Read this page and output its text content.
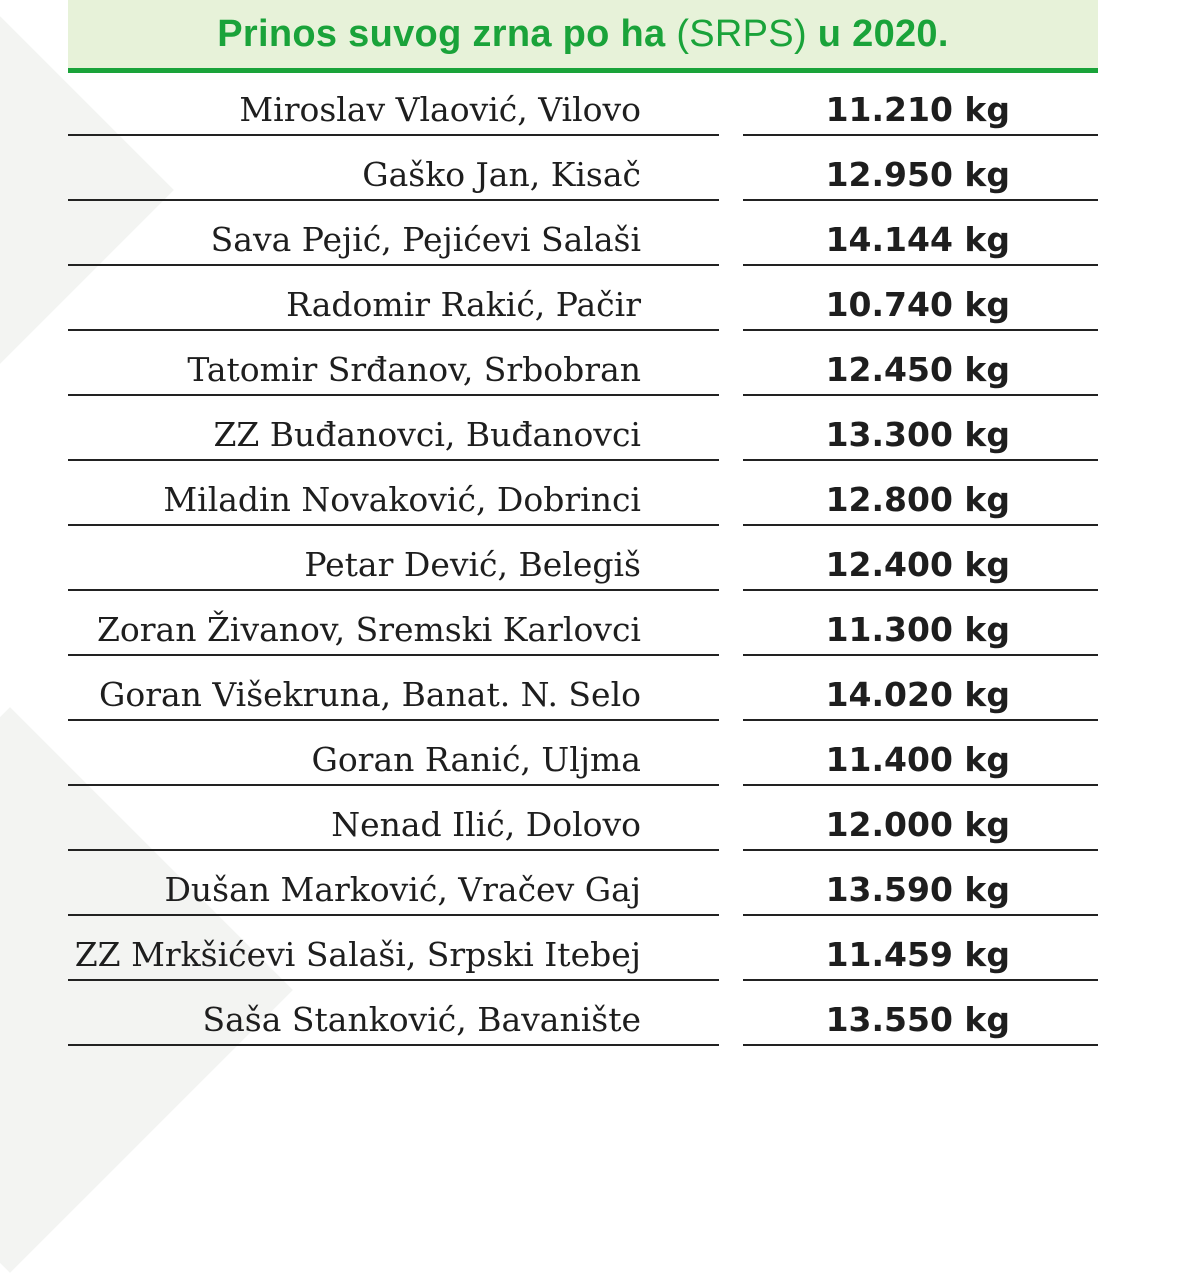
Prinos suvog zrna po ha (SRPS) u 2020.
Miroslav Vlaović, Vilovo	11.210 kg
Gaško Jan, Kisač	12.950 kg
Sava Pejić, Pejićevi Salaši	14.144 kg
Radomir Rakić, Pačir	10.740 kg
Tatomir Srđanov, Srbobran	12.450 kg
ZZ Buđanovci, Buđanovci	13.300 kg
Miladin Novaković, Dobrinci	12.800 kg
Petar Dević, Belegiš	12.400 kg
Zoran Živanov, Sremski Karlovci	11.300 kg
Goran Višekruna, Banat. N. Selo	14.020 kg
Goran Ranić, Uljma	11.400 kg
Nenad Ilić, Dolovo	12.000 kg
Dušan Marković, Vračev Gaj	13.590 kg
ZZ Mrkšićevi Salaši, Srpski Itebej	11.459 kg
Saša Stanković, Bavanište	13.550 kg
